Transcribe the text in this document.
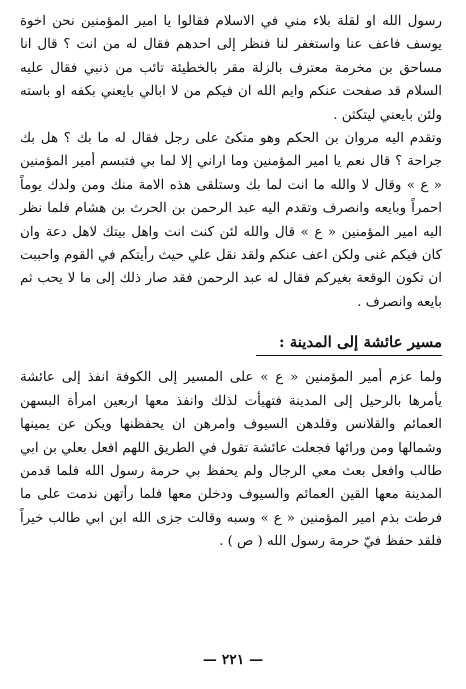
رسول الله او لقلة بلاء مني في الاسلام فقالوا يا امير المؤمنين نحن اخوة يوسف فاعف عنا واستغفر لنا فنظر إلى احدهم فقال له من انت ؟ قال انا مساحق بن مخرمة معترف بالزلة مقر بالخطيئة تائب من ذنبي فقال عليه السلام قد صفحت عنكم وايم الله ان فيكم من لا ابالي بايعني بكفه او باسته ولئن بايعني ليتكثن .

وتقدم اليه مروان بن الحكم وهو متكئ على رجل فقال له ما بك ؟ هل بك جراحة ؟ قال نعم يا امير المؤمنين وما اراني إلا لما بي فتبسم أمير المؤمنين « ع » وقال لا والله ما انت لما بك وستلقى هذه الامة منك ومن ولدك يوماً احمراً وبايعه وانصرف وتقدم اليه عبد الرحمن بن الحرث بن هشام فلما نظر اليه امير المؤمنين « ع » قال والله لئن كنت انت واهل بيتك لاهل دعة وان كان فيكم غنى ولكن اعف عنكم ولقد نقل علي حيث رأيتكم في القوم واحببت ان تكون الوقعة بغيركم فقال له عبد الرحمن فقد صار ذلك إلى ما لا يحب ثم بايعه وانصرف .

مسير عائشة إلى المدينة :

ولما عزم أمير المؤمنين « ع » على المسير إلى الكوفة انفذ إلى عائشة يأمرها بالرحيل إلى المدينة فتهيأت لذلك وانفذ معها اربعين امرأة البسهن العمائم والقلانس وقلدهن السيوف وامرهن ان يحفظنها ويكن عن يمينها وشمالها ومن ورائها فجعلت عائشة تقول في الطريق اللهم افعل بعلي بن ابي طالب وافعل بعث معي الرجال ولم يحفظ بي حرمة رسول الله فلما قدمن المدينة معها القين العمائم والسيوف ودخلن معها فلما رأتهن ندمت على ما فرطت بذم امير المؤمنين « ع » وسبه وقالت جزى الله ابن ابي طالب خيراً فلقد حفظ فيّ حرمة رسول الله ( ص ) .

— ٢٢١ —
